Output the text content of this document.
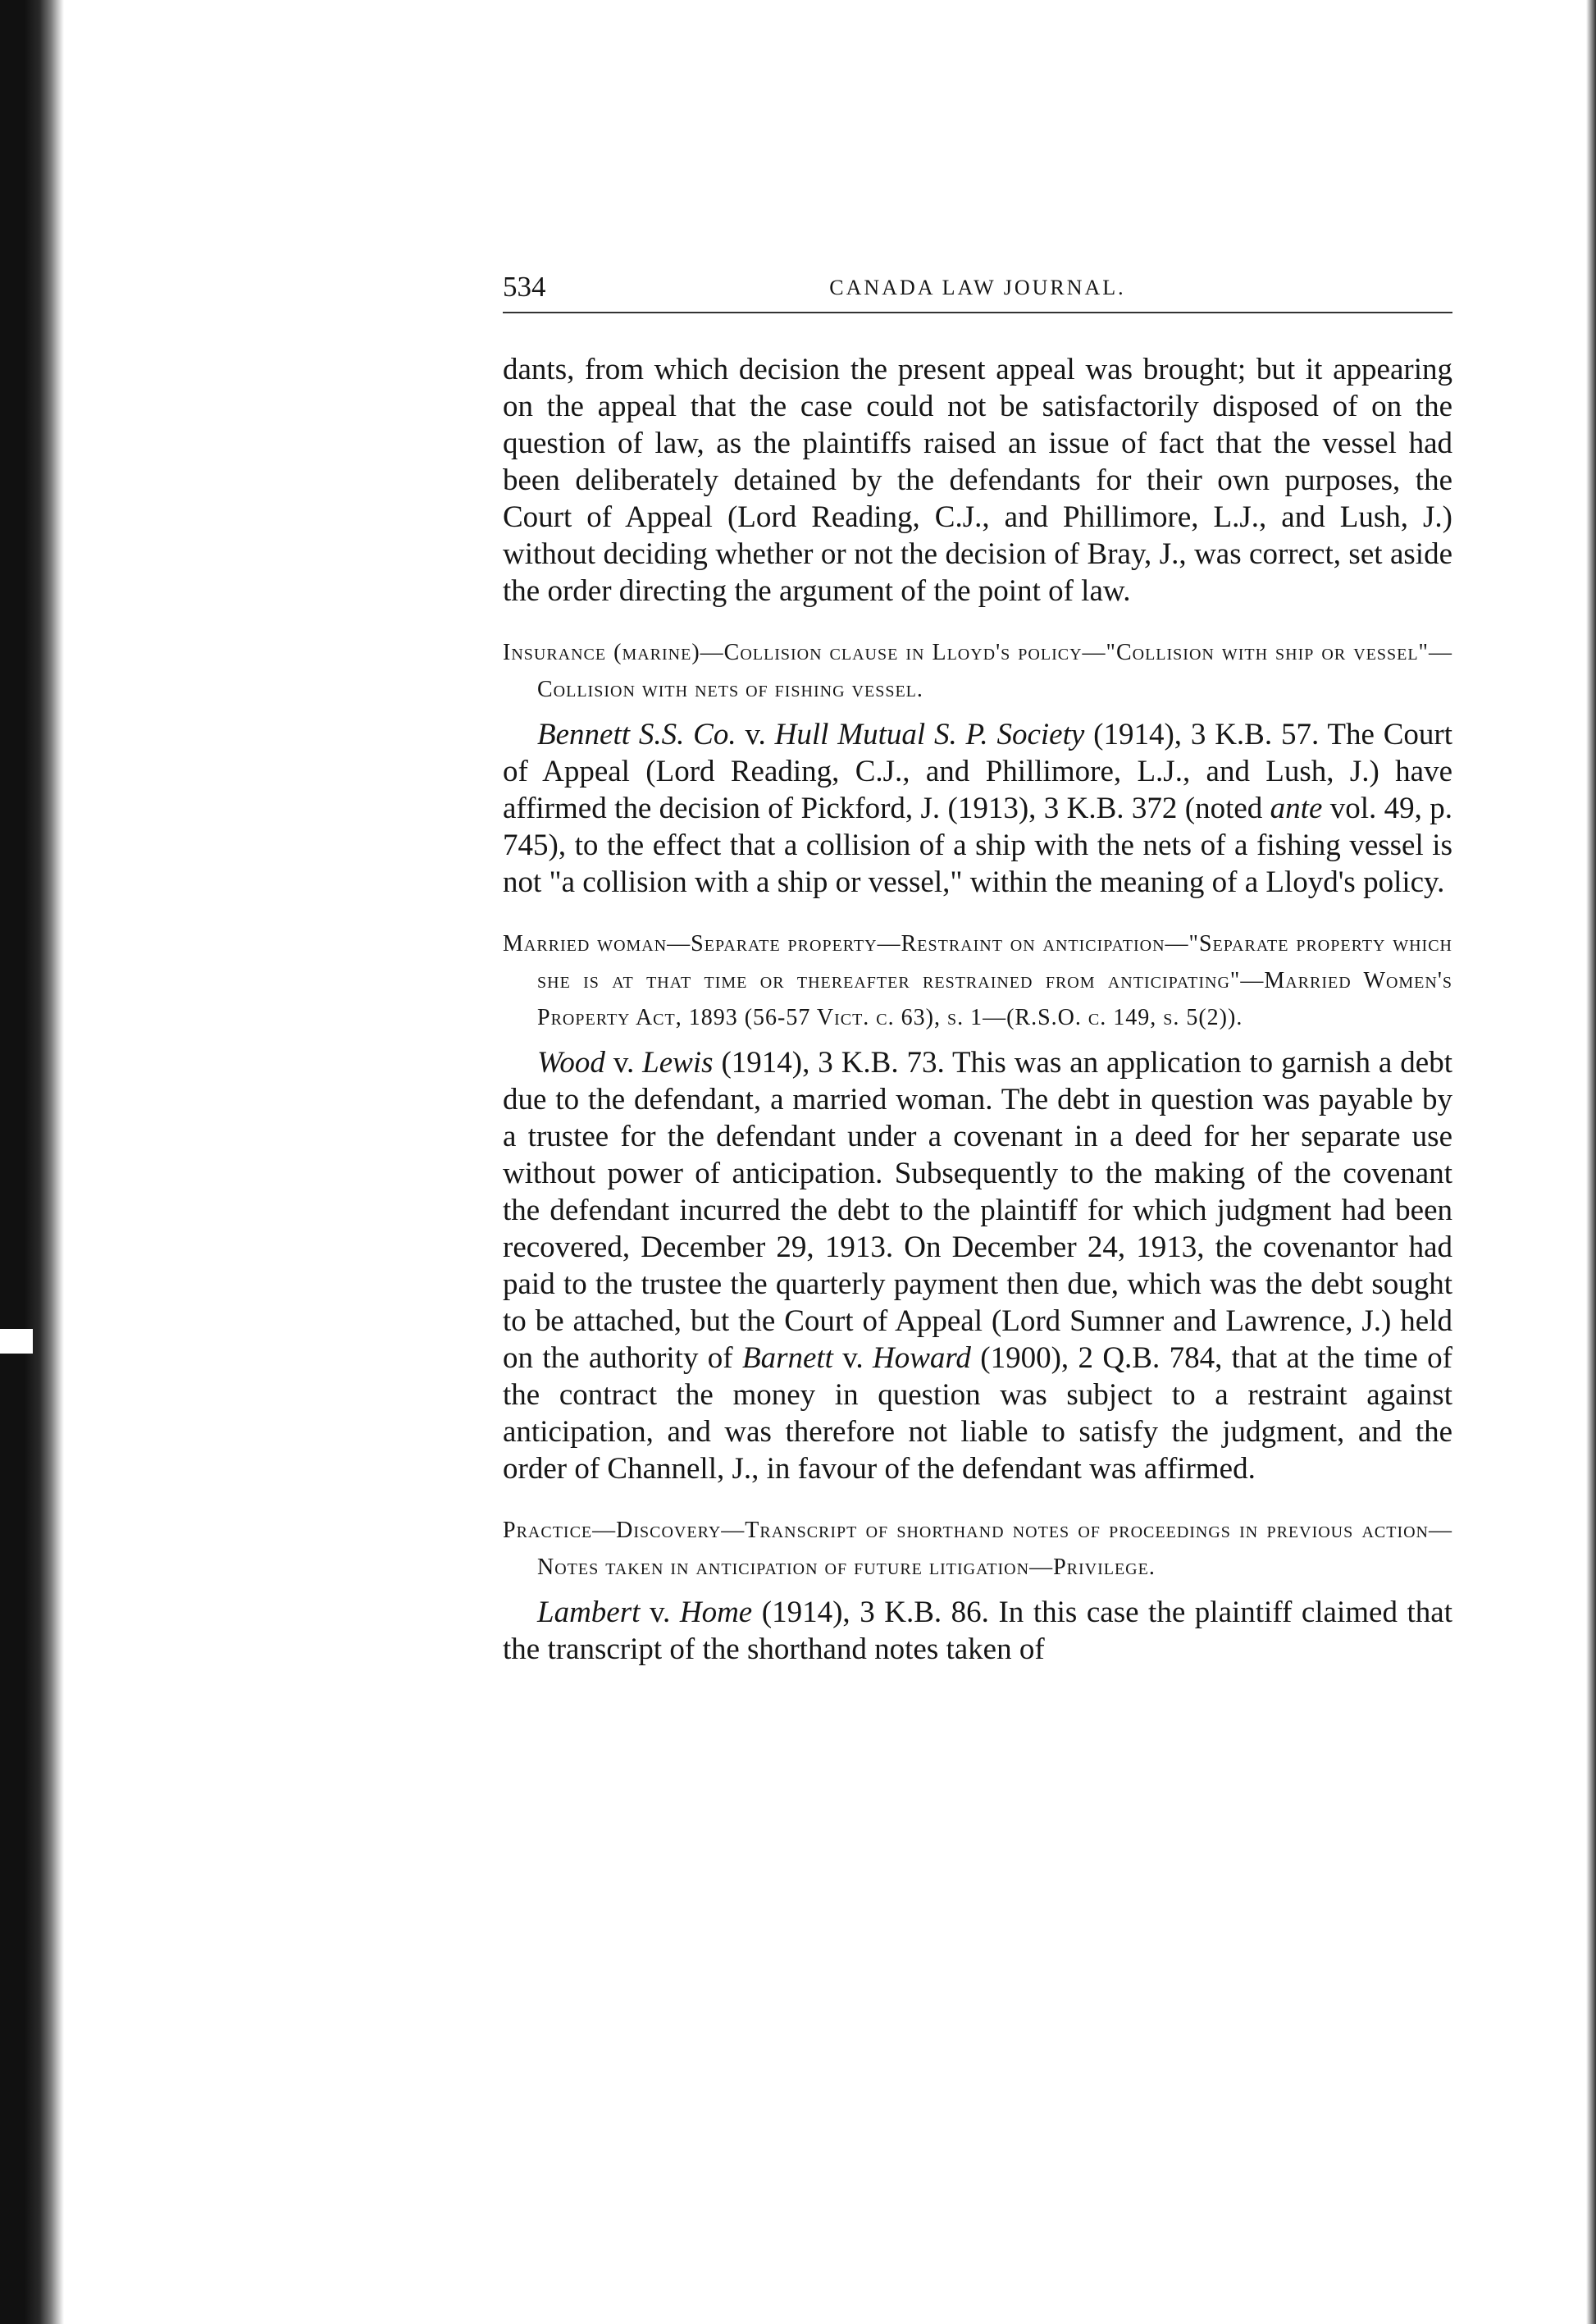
534	CANADA LAW JOURNAL.

dants, from which decision the present appeal was brought; but it appearing on the appeal that the case could not be satisfactorily disposed of on the question of law, as the plaintiffs raised an issue of fact that the vessel had been deliberately detained by the defendants for their own purposes, the Court of Appeal (Lord Reading, C.J., and Phillimore, L.J., and Lush, J.) without deciding whether or not the decision of Bray, J., was correct, set aside the order directing the argument of the point of law.

Insurance (marine)—Collision clause in Lloyd's policy—"Collision with ship or vessel"—Collision with nets of fishing vessel.

Bennett S.S. Co. v. Hull Mutual S. P. Society (1914), 3 K.B. 57. The Court of Appeal (Lord Reading, C.J., and Phillimore, L.J., and Lush, J.) have affirmed the decision of Pickford, J. (1913), 3 K.B. 372 (noted ante vol. 49, p. 745), to the effect that a collision of a ship with the nets of a fishing vessel is not "a collision with a ship or vessel," within the meaning of a Lloyd's policy.

Married woman—Separate property—Restraint on anticipation—"Separate property which she is at that time or thereafter restrained from anticipating"—Married Women's Property Act, 1893 (56-57 Vict. c. 63), s. 1—(R.S.O. c. 149, s. 5(2)).

Wood v. Lewis (1914), 3 K.B. 73. This was an application to garnish a debt due to the defendant, a married woman. The debt in question was payable by a trustee for the defendant under a covenant in a deed for her separate use without power of anticipation. Subsequently to the making of the covenant the defendant incurred the debt to the plaintiff for which judgment had been recovered, December 29, 1913. On December 24, 1913, the covenantor had paid to the trustee the quarterly payment then due, which was the debt sought to be attached, but the Court of Appeal (Lord Sumner and Lawrence, J.) held on the authority of Barnett v. Howard (1900), 2 Q.B. 784, that at the time of the contract the money in question was subject to a restraint against anticipation, and was therefore not liable to satisfy the judgment, and the order of Channell, J., in favour of the defendant was affirmed.

Practice—Discovery—Transcript of shorthand notes of proceedings in previous action—Notes taken in anticipation of future litigation—Privilege.

Lambert v. Home (1914), 3 K.B. 86. In this case the plaintiff claimed that the transcript of the shorthand notes taken of
